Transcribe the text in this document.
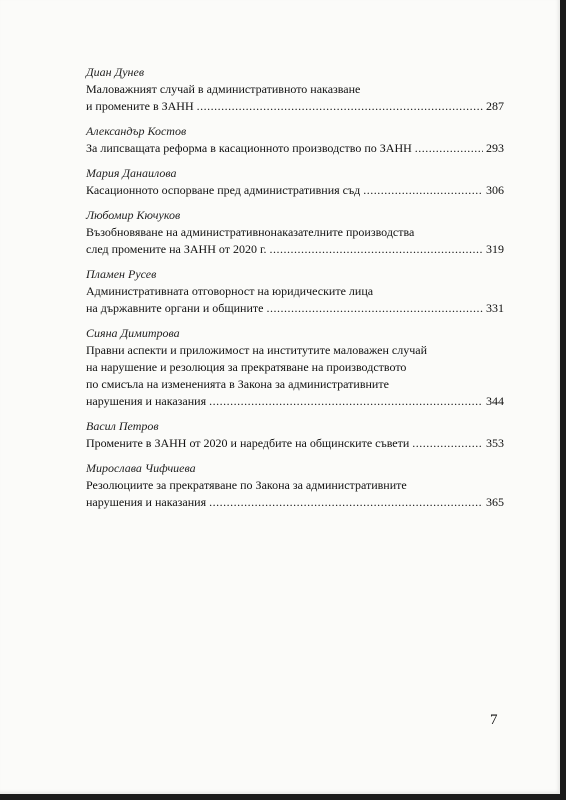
Диан Дунев
Маловажният случай в административното наказване
и промените в ЗАНН .....	287
Александър Костов
За липсващата реформа в касационното производство по ЗАНН .....	293
Мария Данаилова
Касационното оспорване пред административния съд .....	306
Любомир Кючуков
Възобновяване на административнонаказателните производства
след промените на ЗАНН от 2020 г. .....	319
Пламен Русев
Административната отговорност на юридическите лица
на държавните органи и общините .....	331
Сияна Димитрова
Правни аспекти и приложимост на институтите маловажен случай
на нарушение и резолюция за прекратяване на производството
по смисъла на измененията в Закона за административните
нарушения и наказания .....	344
Васил Петров
Промените в ЗАНН от 2020 и наредбите на общинските съвети .....	353
Мирослава Чифчиева
Резолюциите за прекратяване по Закона за административните
нарушения и наказания .....	365
7
